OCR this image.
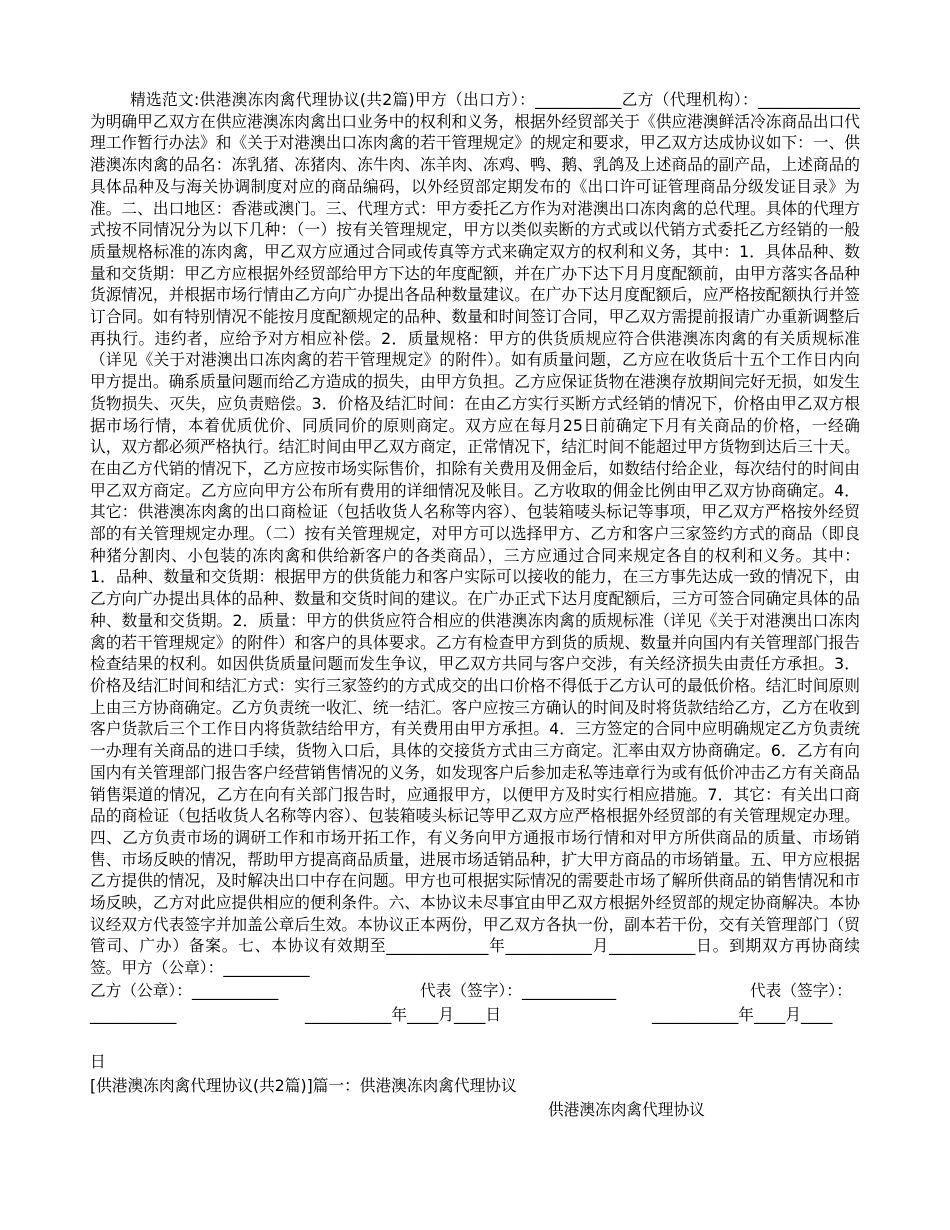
精选范文:供港澳冻肉禽代理协议(共2篇)甲方（出口方）：___________乙方（代理机构）：_____________为明确甲乙双方在供应港澳冻肉禽出口业务中的权利和义务，根据外经贸部关于《供应港澳鲜活冷冻商品出口代理工作暂行办法》和《关于对港澳出口冻肉禽的若干管理规定》的规定和要求，甲乙双方达成协议如下：一、供港澳冻肉禽的品名：冻乳猪、冻猪肉、冻牛肉、冻羊肉、冻鸡、鸭、鹅、乳鸽及上述商品的副产品，上述商品的具体品种及与海关协调制度对应的商品编码，以外经贸部定期发布的《出口许可证管理商品分级发证目录》为准。二、出口地区：香港或澳门。三、代理方式：甲方委托乙方作为对港澳出口冻肉禽的总代理。具体的代理方式按不同情况分为以下几种：（一）按有关管理规定，甲方以类似卖断的方式或以代销方式委托乙方经销的一般质量规格标准的冻肉禽，甲乙双方应通过合同或传真等方式来确定双方的权利和义务，其中：1．具体品种、数量和交货期：甲乙方应根据外经贸部给甲方下达的年度配额，并在广办下达下月月度配额前，由甲方落实各品种货源情况，并根据市场行情由乙方向广办提出各品种数量建议。在广办下达月度配额后，应严格按配额执行并签订合同。如有特别情况不能按月度配额规定的品种、数量和时间签订合同，甲乙双方需提前报请广办重新调整后再执行。违约者，应给予对方相应补偿。2．质量规格：甲方的供货质规应符合供港澳冻肉禽的有关质规标准（详见《关于对港澳出口冻肉禽的若干管理规定》的附件）。如有质量问题，乙方应在收货后十五个工作日内向甲方提出。确系质量问题而给乙方造成的损失，由甲方负担。乙方应保证货物在港澳存放期间完好无损，如发生货物损失、灭失，应负责赔偿。3．价格及结汇时间：在由乙方实行买断方式经销的情况下，价格由甲乙双方根据市场行情，本着优质优价、同质同价的原则商定。双方应在每月25日前确定下月有关商品的价格，一经确认，双方都必须严格执行。结汇时间由甲乙双方商定，正常情况下，结汇时间不能超过甲方货物到达后三十天。在由乙方代销的情况下，乙方应按市场实际售价，扣除有关费用及佣金后，如数结付给企业，每次结付的时间由甲乙双方商定。乙方应向甲方公布所有费用的详细情况及帐目。乙方收取的佣金比例由甲乙双方协商确定。4．其它：供港澳冻肉禽的出口商检证（包括收货人名称等内容）、包装箱唛头标记等事项，甲乙双方严格按外经贸部的有关管理规定办理。（二）按有关管理规定，对甲方可以选择甲方、乙方和客户三家签约方式的商品（即良种猪分割肉、小包装的冻肉禽和供给新客户的各类商品），三方应通过合同来规定各自的权利和义务。其中：1．品种、数量和交货期：根据甲方的供货能力和客户实际可以接收的能力，在三方事先达成一致的情况下，由乙方向广办提出具体的品种、数量和交货时间的建议。在广办正式下达月度配额后，三方可签合同确定具体的品种、数量和交货期。2．质量：甲方的供货应符合相应的供港澳冻肉禽的质规标准（详见《关于对港澳出口冻肉禽的若干管理规定》的附件）和客户的具体要求。乙方有检查甲方到货的质规、数量并向国内有关管理部门报告检查结果的权利。如因供货质量问题而发生争议，甲乙双方共同与客户交涉，有关经济损失由责任方承担。3．价格及结汇时间和结汇方式：实行三家签约的方式成交的出口价格不得低于乙方认可的最低价格。结汇时间原则上由三方协商确定。乙方负责统一收汇、统一结汇。客户应按三方确认的时间及时将货款结给乙方，乙方在收到客户货款后三个工作日内将货款结给甲方，有关费用由甲方承担。4．三方签定的合同中应明确规定乙方负责统一办理有关商品的进口手续，货物入口后，具体的交接货方式由三方商定。汇率由双方协商确定。6．乙方有向国内有关管理部门报告客户经营销售情况的义务，如发现客户后参加走私等违章行为或有低价冲击乙方有关商品销售渠道的情况，乙方在向有关部门报告时，应通报甲方，以便甲方及时实行相应措施。7．其它：有关出口商品的商检证（包括收货人名称等内容）、包装箱唛头标记等甲乙双方应严格根据外经贸部的有关管理规定办理。四、乙方负责市场的调研工作和市场开拓工作，有义务向甲方通报市场行情和对甲方所供商品的质量、市场销售、市场反映的情况，帮助甲方提高商品质量，进展市场适销品种，扩大甲方商品的市场销量。五、甲方应根据乙方提供的情况，及时解决出口中存在问题。甲方也可根据实际情况的需要赴市场了解所供商品的销售情况和市场反映，乙方对此应提供相应的便利条件。六、本协议未尽事宜由甲乙双方根据外经贸部的规定协商解决。本协议经双方代表签字并加盖公章后生效。本协议正本两份，甲乙双方各执一份，副本若干份，交有关管理部门（贸管司、广办）备案。七、本协议有效期至_____________年___________月___________日。到期双方再协商续签。甲方（公章）：___________

乙方（公章）：___________	代表（签字）：____________	代表（签字）：
___________	___________年____月____日	___________年____月____
日
[供港澳冻肉禽代理协议(共2篇)]篇一：供港澳冻肉禽代理协议
供港澳冻肉禽代理协议
